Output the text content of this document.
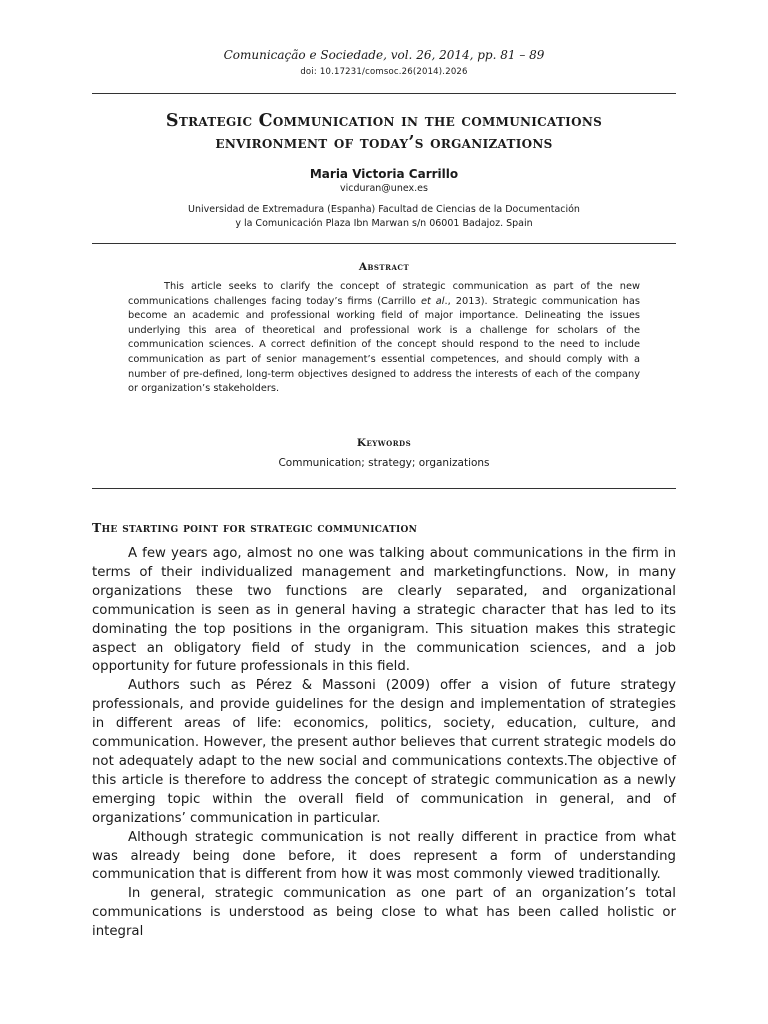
Comunicação e Sociedade, vol. 26, 2014, pp. 81 – 89
doi: 10.17231/comsoc.26(2014).2026
Strategic Communication in the communications
environment of today’s organizations
Maria Victoria Carrillo
vicduran@unex.es
Universidad de Extremadura (Espanha) Facultad de Ciencias de la Documentación
y la Comunicación Plaza Ibn Marwan s/n 06001 Badajoz. Spain
Abstract

This article seeks to clarify the concept of strategic communication as part of the new communications challenges facing today’s firms (Carrillo et al., 2013). Strategic communication has become an academic and professional working field of major importance. Delineating the issues underlying this area of theoretical and professional work is a challenge for scholars of the communication sciences. A correct definition of the concept should respond to the need to include communication as part of senior management’s essential competences, and should comply with a number of pre-defined, long-term objectives designed to address the interests of each of the company or organization’s stakeholders.

Keywords
Communication; strategy; organizations
The starting point for strategic communication

A few years ago, almost no one was talking about communications in the firm in terms of their individualized management and marketingfunctions. Now, in many organizations these two functions are clearly separated, and organizational communication is seen as in general having a strategic character that has led to its dominating the top positions in the organigram. This situation makes this strategic aspect an obligatory field of study in the communication sciences, and a job opportunity for future professionals in this field.

Authors such as Pérez & Massoni (2009) offer a vision of future strategy professionals, and provide guidelines for the design and implementation of strategies in different areas of life: economics, politics, society, education, culture, and communication. However, the present author believes that current strategic models do not adequately adapt to the new social and communications contexts.The objective of this article is therefore to address the concept of strategic communication as a newly emerging topic within the overall field of communication in general, and of organizations’ communication in particular.

Although strategic communication is not really different in practice from what was already being done before, it does represent a form of understanding communication that is different from how it was most commonly viewed traditionally.

In general, strategic communication as one part of an organization’s total communications is understood as being close to what has been called holistic or integral
